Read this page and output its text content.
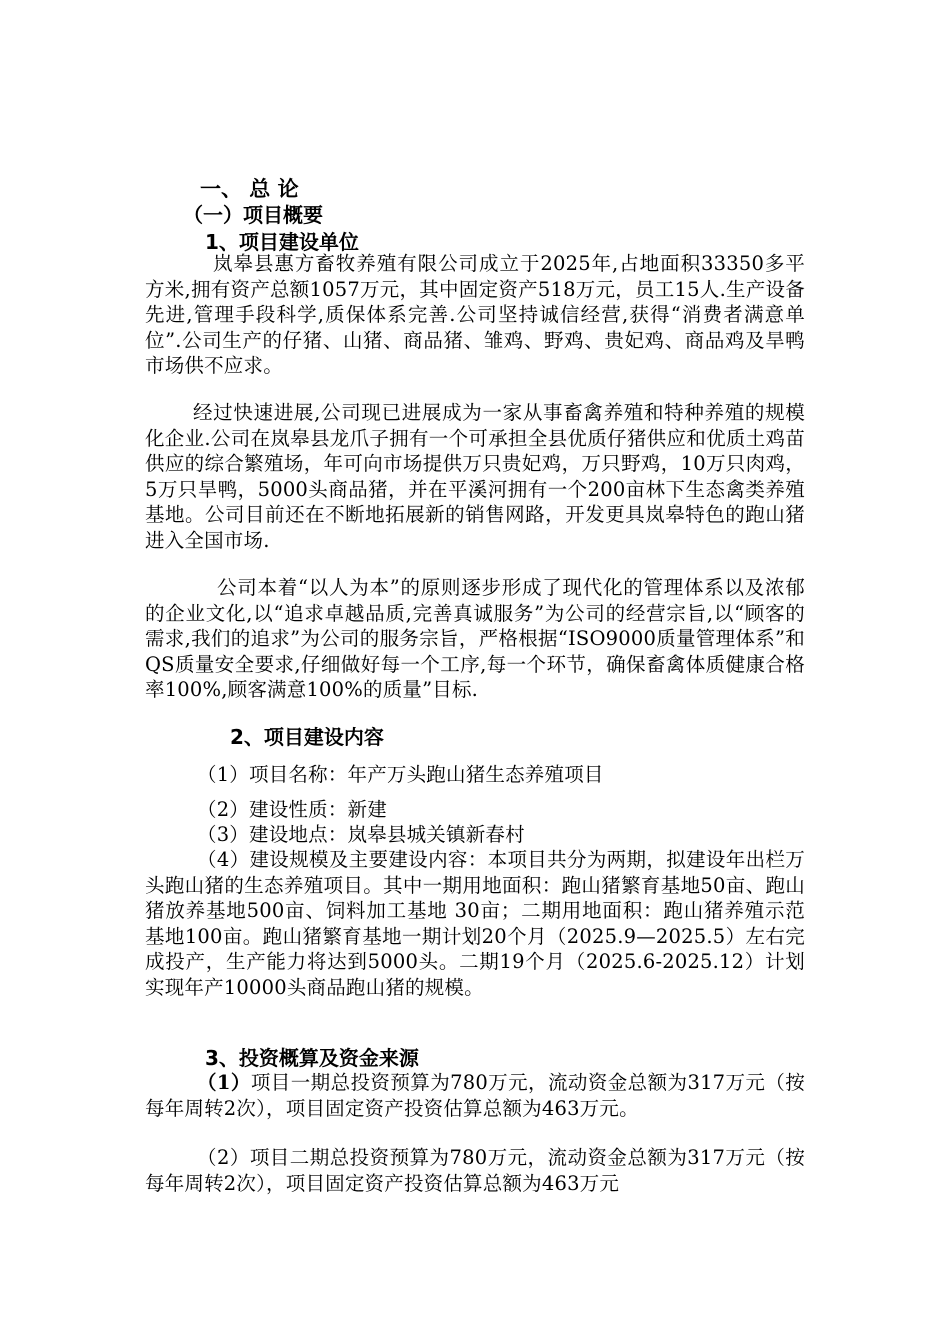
一、 总 论
（一）项目概要
1、项目建设单位
岚皋县惠方畜牧养殖有限公司成立于2025年,占地面积33350多平方米,拥有资产总额1057万元，其中固定资产518万元，员工15人.生产设备先进,管理手段科学,质保体系完善.公司坚持诚信经营,获得“消费者满意单位”.公司生产的仔猪、山猪、商品猪、雏鸡、野鸡、贵妃鸡、商品鸡及旱鸭市场供不应求。
经过快速进展,公司现已进展成为一家从事畜禽养殖和特种养殖的规模化企业.公司在岚皋县龙爪子拥有一个可承担全县优质仔猪供应和优质土鸡苗供应的综合繁殖场，年可向市场提供万只贵妃鸡，万只野鸡，10万只肉鸡，5万只旱鸭，5000头商品猪，并在平溪河拥有一个200亩林下生态禽类养殖基地。公司目前还在不断地拓展新的销售网路，开发更具岚皋特色的跑山猪进入全国市场.
公司本着“以人为本”的原则逐步形成了现代化的管理体系以及浓郁的企业文化,以“追求卓越品质,完善真诚服务”为公司的经营宗旨,以“顾客的需求,我们的追求”为公司的服务宗旨，严格根据“ISO9000质量管理体系”和QS质量安全要求,仔细做好每一个工序,每一个环节，确保畜禽体质健康合格率100%,顾客满意100%的质量”目标.
2、项目建设内容
（1）项目名称：年产万头跑山猪生态养殖项目
（2）建设性质：新建
（3）建设地点：岚皋县城关镇新春村
（4）建设规模及主要建设内容：本项目共分为两期，拟建设年出栏万头跑山猪的生态养殖项目。其中一期用地面积：跑山猪繁育基地50亩、跑山猪放养基地500亩、饲料加工基地 30亩；二期用地面积：跑山猪养殖示范基地100亩。跑山猪繁育基地一期计划20个月（2025.9—2025.5）左右完成投产，生产能力将达到5000头。二期19个月（2025.6-2025.12）计划实现年产10000头商品跑山猪的规模。
3、投资概算及资金来源
（1）项目一期总投资预算为780万元，流动资金总额为317万元（按每年周转2次），项目固定资产投资估算总额为463万元。
（2）项目二期总投资预算为780万元，流动资金总额为317万元（按每年周转2次），项目固定资产投资估算总额为463万元
